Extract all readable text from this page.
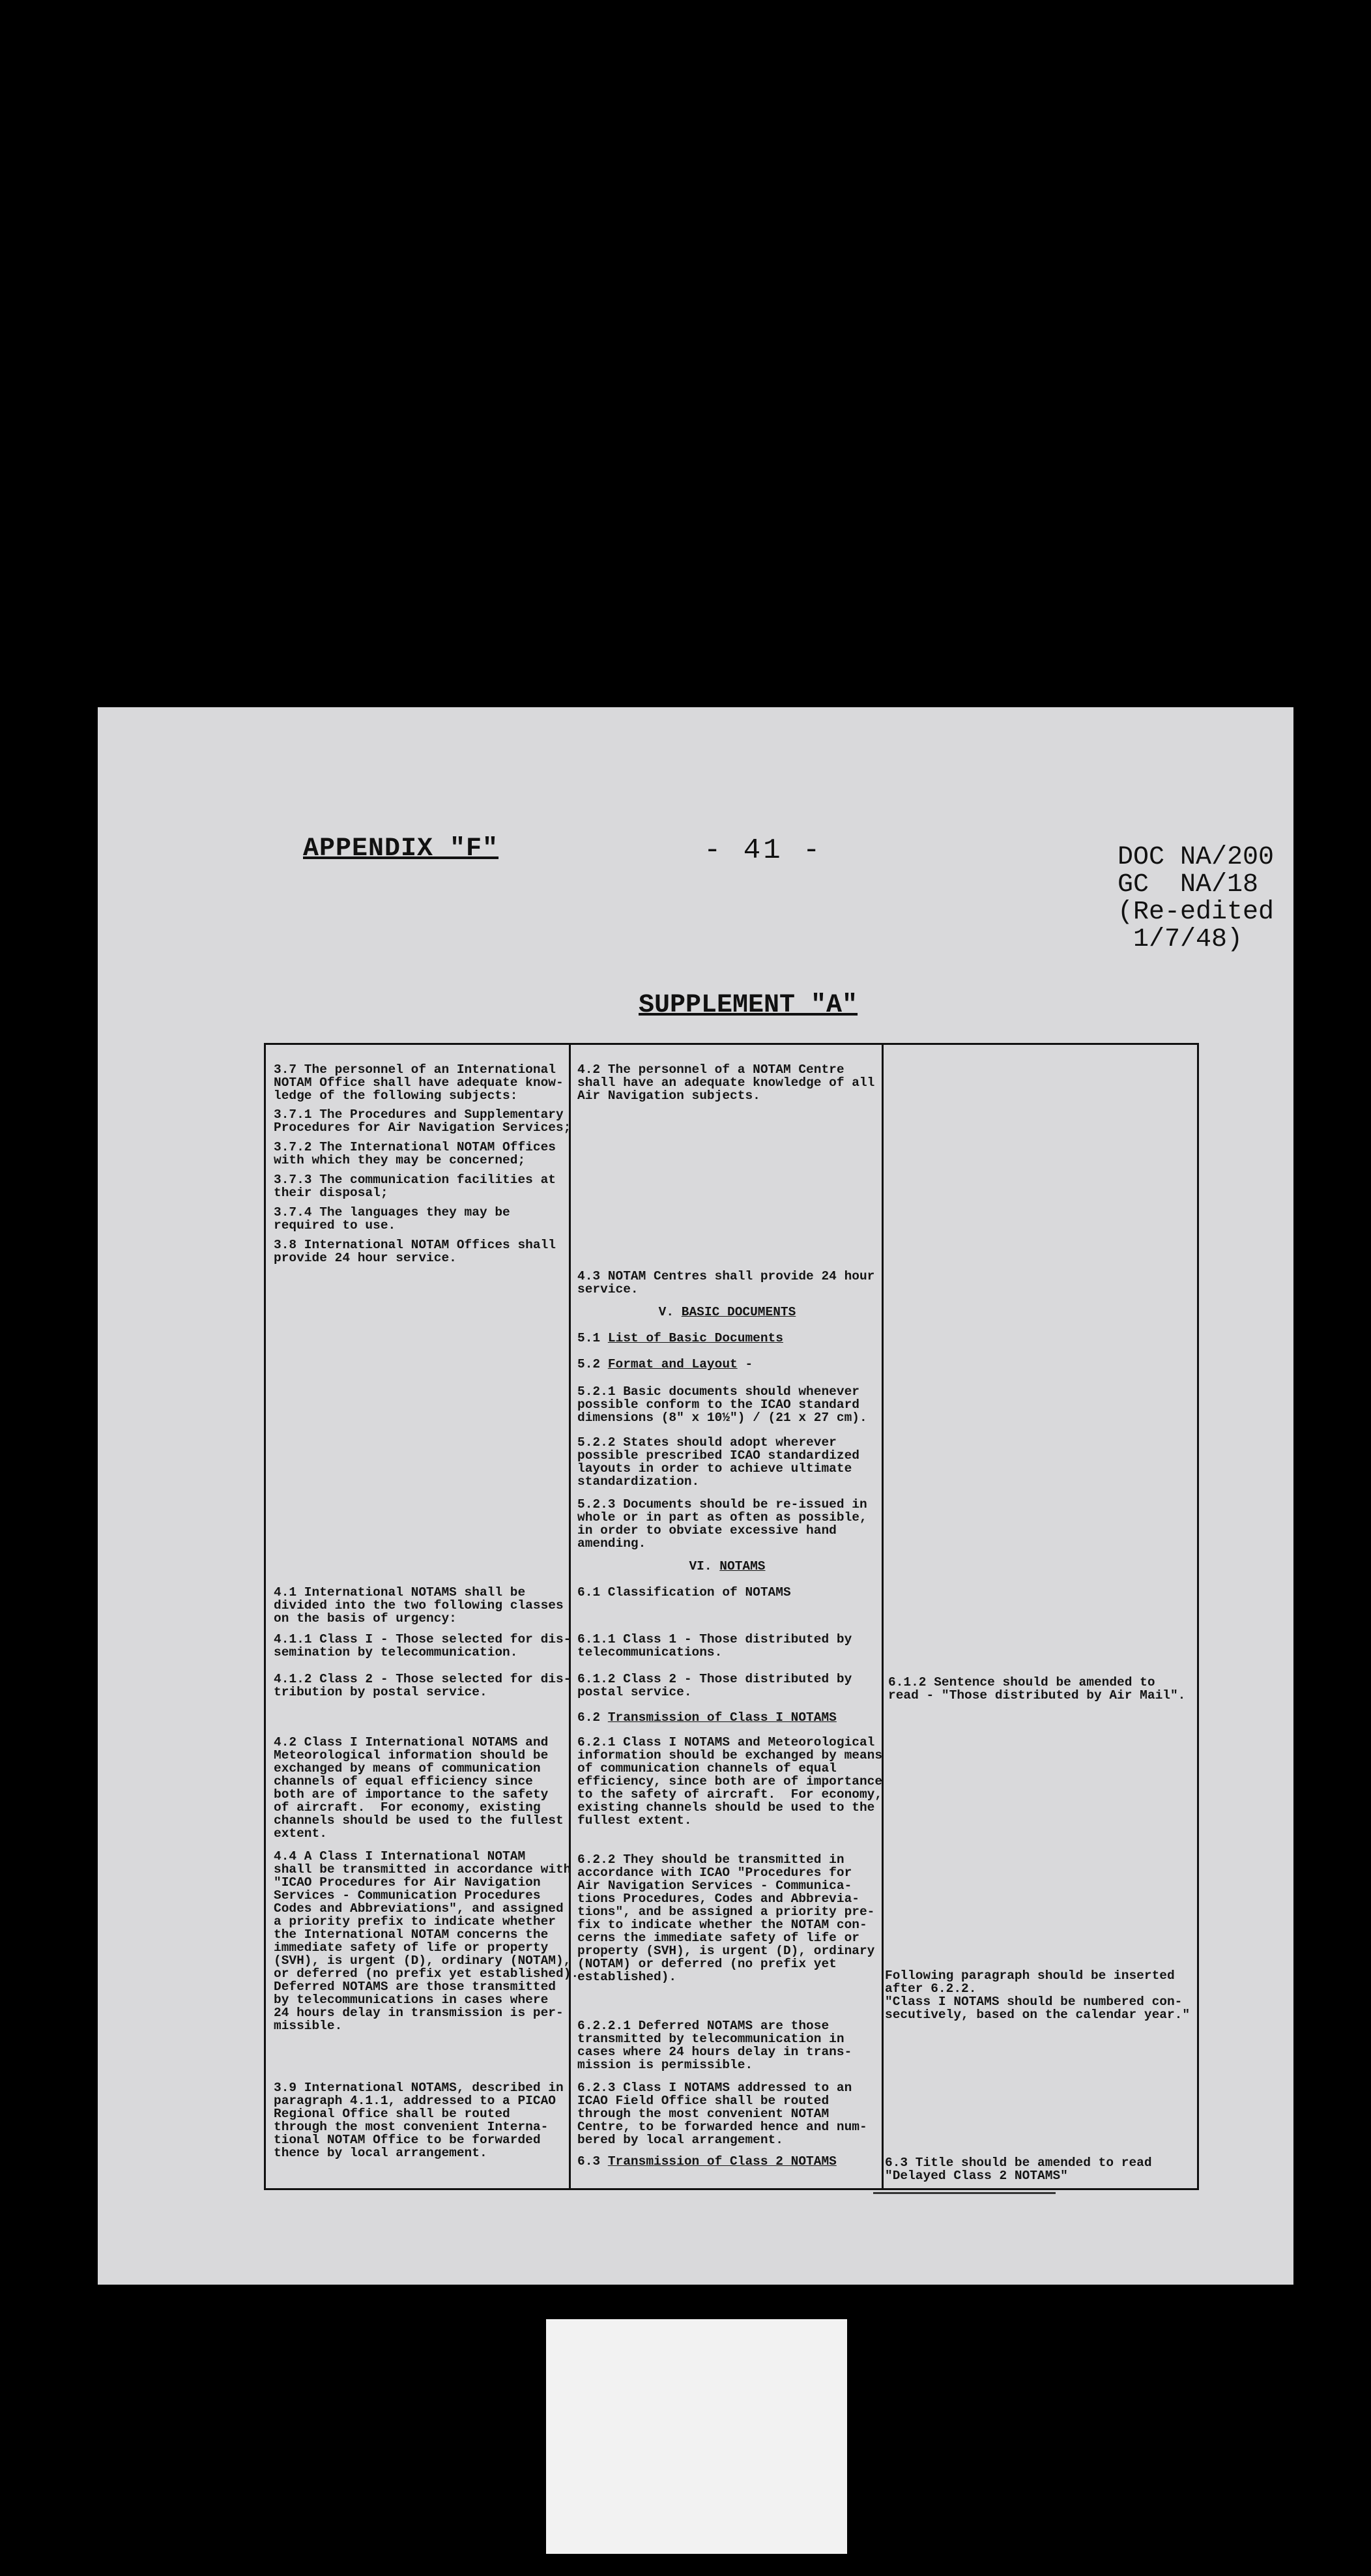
APPENDIX "F"	- 41 -	DOC NA/200
GC  NA/18
(Re-edited
1/7/48)
SUPPLEMENT "A"
3.7 The personnel of an International
NOTAM Office shall have adequate know-
ledge of the following subjects:
3.7.1 The Procedures and Supplementary
Procedures for Air Navigation Services;
3.7.2 The International NOTAM Offices
with which they may be concerned;
3.7.3 The communication facilities at
their disposal;
3.7.4 The languages they may be
required to use.
3.8 International NOTAM Offices shall
provide 24 hour service.
4.1 International NOTAMS shall be
divided into the two following classes
on the basis of urgency:
4.1.1 Class I - Those selected for dis-
semination by telecommunication.
4.1.2 Class 2 - Those selected for dis-
tribution by postal service.
4.2 Class I International NOTAMS and
Meteorological information should be
exchanged by means of communication
channels of equal efficiency since
both are of importance to the safety
of aircraft.  For economy, existing
channels should be used to the fullest
extent.
4.4 A Class I International NOTAM
shall be transmitted in accordance with
"ICAO Procedures for Air Navigation
Services - Communication Procedures
Codes and Abbreviations", and assigned
a priority prefix to indicate whether
the International NOTAM concerns the
immediate safety of life or property
(SVH), is urgent (D), ordinary (NOTAM),
or deferred (no prefix yet established).
Deferred NOTAMS are those transmitted
by telecommunications in cases where
24 hours delay in transmission is per-
missible.
3.9 International NOTAMS, described in
paragraph 4.1.1, addressed to a PICAO
Regional Office shall be routed
through the most convenient Interna-
tional NOTAM Office to be forwarded
thence by local arrangement.
4.2 The personnel of a NOTAM Centre
shall have an adequate knowledge of all
Air Navigation subjects.
4.3 NOTAM Centres shall provide 24 hour
service.
V. BASIC DOCUMENTS
5.1 List of Basic Documents
5.2 Format and Layout -
5.2.1 Basic documents should whenever
possible conform to the ICAO standard
dimensions (8" x 10½") / (21 x 27 cm).
5.2.2 States should adopt wherever
possible prescribed ICAO standardized
layouts in order to achieve ultimate
standardization.
5.2.3 Documents should be re-issued in
whole or in part as often as possible,
in order to obviate excessive hand
amending.
VI. NOTAMS
6.1 Classification of NOTAMS
6.1.1 Class 1 - Those distributed by
telecommunications.
6.1.2 Class 2 - Those distributed by
postal service.
6.2 Transmission of Class I NOTAMS
6.2.1 Class I NOTAMS and Meteorological
information should be exchanged by means
of communication channels of equal
efficiency, since both are of importance
to the safety of aircraft.  For economy,
existing channels should be used to the
fullest extent.
6.2.2 They should be transmitted in
accordance with ICAO "Procedures for
Air Navigation Services - Communica-
tions Procedures, Codes and Abbrevia-
tions", and be assigned a priority pre-
fix to indicate whether the NOTAM con-
cerns the immediate safety of life or
property (SVH), is urgent (D), ordinary
(NOTAM) or deferred (no prefix yet
established).
6.2.2.1 Deferred NOTAMS are those
transmitted by telecommunication in
cases where 24 hours delay in trans-
mission is permissible.
6.2.3 Class I NOTAMS addressed to an
ICAO Field Office shall be routed
through the most convenient NOTAM
Centre, to be forwarded hence and num-
bered by local arrangement.
6.3 Transmission of Class 2 NOTAMS
6.1.2 Sentence should be amended to
read - "Those distributed by Air Mail".
Following paragraph should be inserted
after 6.2.2.
"Class I NOTAMS should be numbered con-
secutively, based on the calendar year."
6.3 Title should be amended to read
"Delayed Class 2 NOTAMS"
